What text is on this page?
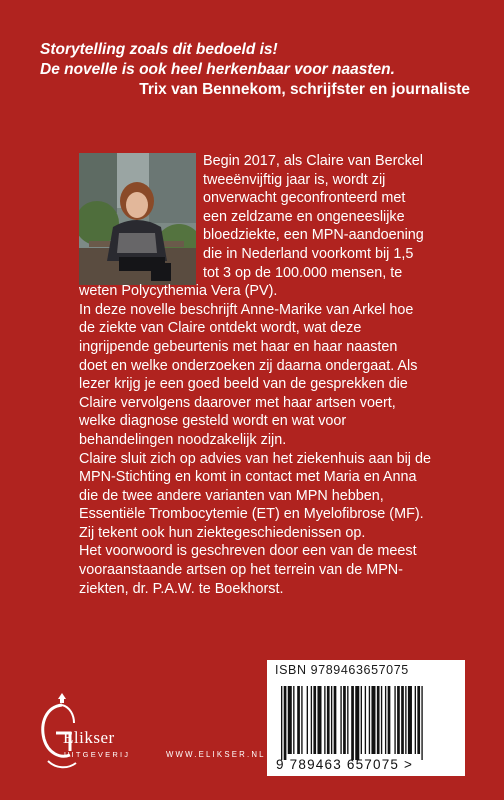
Storytelling zoals dit bedoeld is!
De novelle is ook heel herkenbaar voor naasten.
Trix van Bennekom, schrijfster en journaliste
Begin 2017, als Claire van Berckel
tweeënvijftig jaar is, wordt zij
onverwacht geconfronteerd met
een zeldzame en ongeneeslijke
bloedziekte, een MPN-aandoening
die in Nederland voorkomt bij 1,5
tot 3 op de 100.000 mensen, te
weten Polycythemia Vera (PV).
In deze novelle beschrijft Anne-Marike van Arkel hoe
de ziekte van Claire ontdekt wordt, wat deze
ingrijpende gebeurtenis met haar en haar naasten
doet en welke onderzoeken zij daarna ondergaat. Als
lezer krijg je een goed beeld van de gesprekken die
Claire vervolgens daarover met haar artsen voert,
welke diagnose gesteld wordt en wat voor
behandelingen noodzakelijk zijn.
Claire sluit zich op advies van het ziekenhuis aan bij de
MPN-Stichting en komt in contact met Maria en Anna
die de twee andere varianten van MPN hebben,
Essentiële Trombocytemie (ET) en Myelofibrose (MF).
Zij tekent ook hun ziektegeschiedenissen op.
Het voorwoord is geschreven door een van de meest
vooraanstaande artsen op het terrein van de MPN-
ziekten, dr. P.A.W. te Boekhorst.
ISBN 9789463657075
9 789463 657075 >
Elikser
UITGEVERIJ	WWW.ELIKSER.NL
